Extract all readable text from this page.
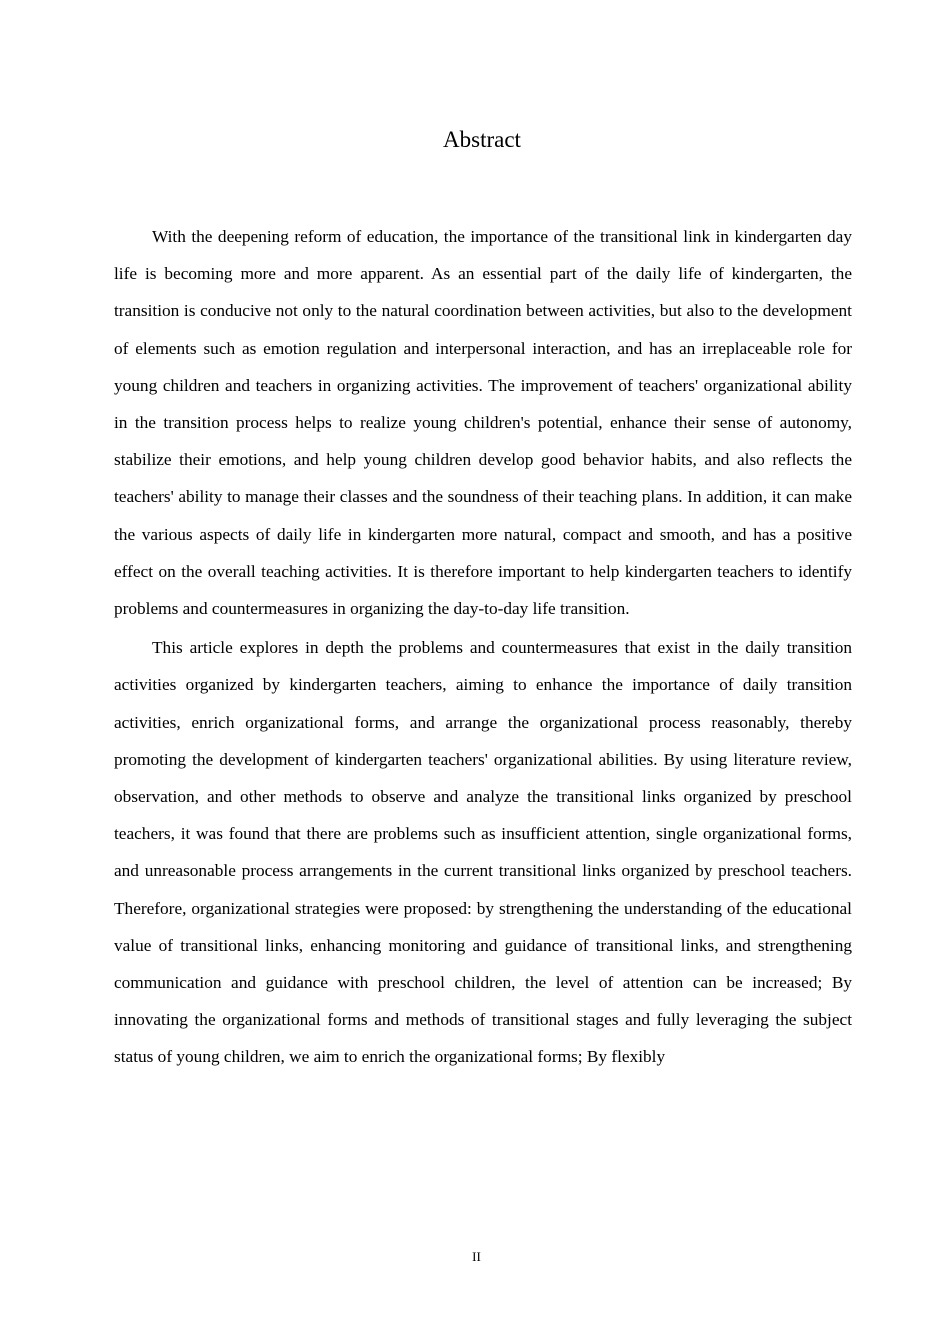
Abstract

With the deepening reform of education, the importance of the transitional link in kindergarten day life is becoming more and more apparent. As an essential part of the daily life of kindergarten, the transition is conducive not only to the natural coordination between activities, but also to the development of elements such as emotion regulation and interpersonal interaction, and has an irreplaceable role for young children and teachers in organizing activities. The improvement of teachers' organizational ability in the transition process helps to realize young children's potential, enhance their sense of autonomy, stabilize their emotions, and help young children develop good behavior habits, and also reflects the teachers' ability to manage their classes and the soundness of their teaching plans. In addition, it can make the various aspects of daily life in kindergarten more natural, compact and smooth, and has a positive effect on the overall teaching activities. It is therefore important to help kindergarten teachers to identify problems and countermeasures in organizing the day-to-day life transition.

This article explores in depth the problems and countermeasures that exist in the daily transition activities organized by kindergarten teachers, aiming to enhance the importance of daily transition activities, enrich organizational forms, and arrange the organizational process reasonably, thereby promoting the development of kindergarten teachers' organizational abilities. By using literature review, observation, and other methods to observe and analyze the transitional links organized by preschool teachers, it was found that there are problems such as insufficient attention, single organizational forms, and unreasonable process arrangements in the current transitional links organized by preschool teachers. Therefore, organizational strategies were proposed: by strengthening the understanding of the educational value of transitional links, enhancing monitoring and guidance of transitional links, and strengthening communication and guidance with preschool children, the level of attention can be increased; By innovating the organizational forms and methods of transitional stages and fully leveraging the subject status of young children, we aim to enrich the organizational forms; By flexibly

II
